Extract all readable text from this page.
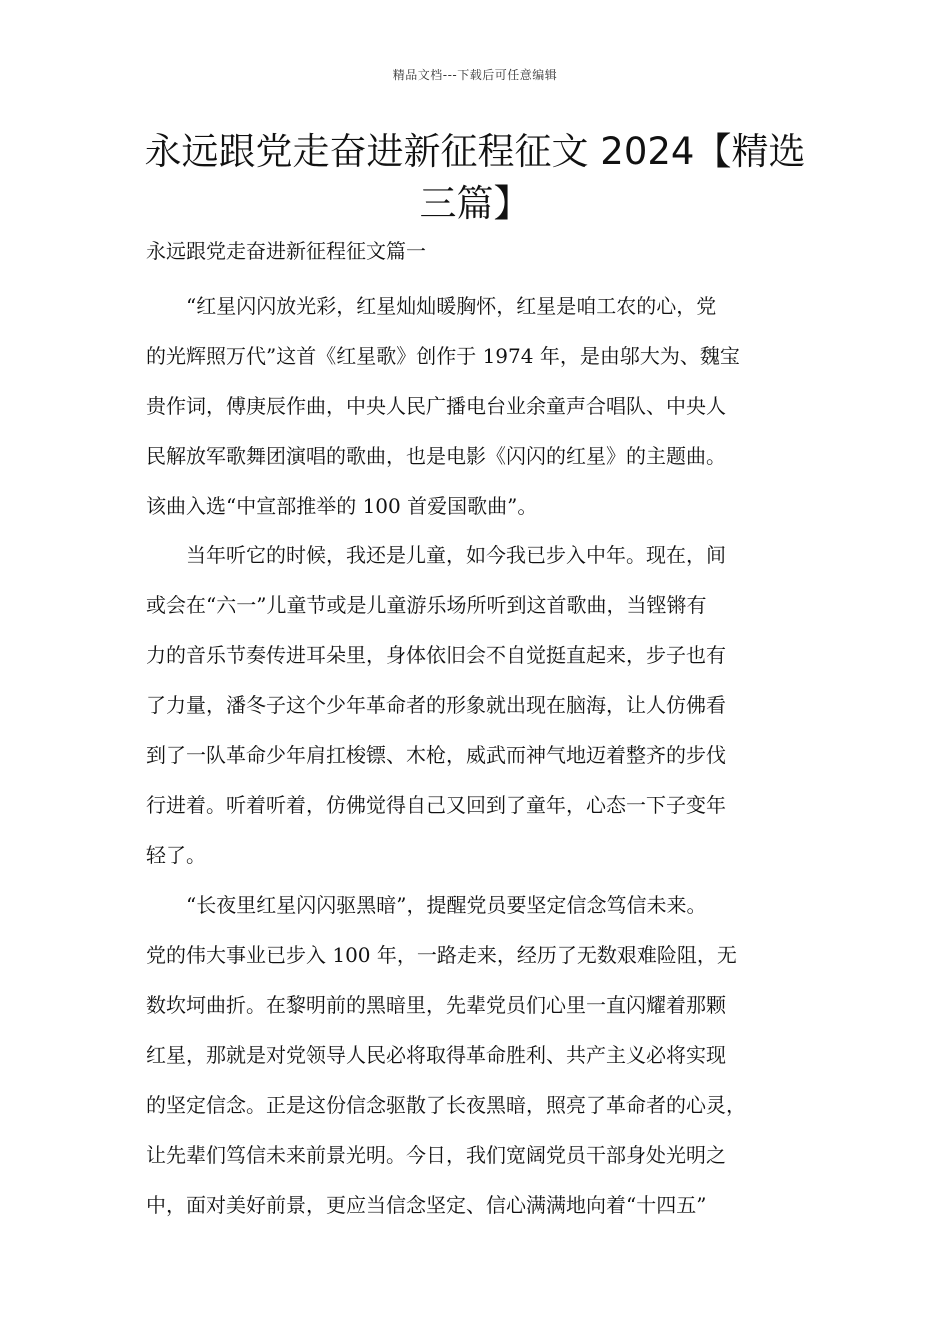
精品文档---下载后可任意编辑
永远跟党走奋进新征程征文 2024【精选
三篇】
永远跟党走奋进新征程征文篇一
“红星闪闪放光彩，红星灿灿暖胸怀，红星是咱工农的心，党
的光辉照万代”这首《红星歌》创作于 1974 年，是由邬大为、魏宝
贵作词，傅庚辰作曲，中央人民广播电台业余童声合唱队、中央人
民解放军歌舞团演唱的歌曲，也是电影《闪闪的红星》的主题曲。
该曲入选“中宣部推举的 100 首爱国歌曲”。
当年听它的时候，我还是儿童，如今我已步入中年。现在，间
或会在“六一”儿童节或是儿童游乐场所听到这首歌曲，当铿锵有
力的音乐节奏传进耳朵里，身体依旧会不自觉挺直起来，步子也有
了力量，潘冬子这个少年革命者的形象就出现在脑海，让人仿佛看
到了一队革命少年肩扛梭镖、木枪，威武而神气地迈着整齐的步伐
行进着。听着听着，仿佛觉得自己又回到了童年，心态一下子变年
轻了。
“长夜里红星闪闪驱黑暗”，提醒党员要坚定信念笃信未来。
党的伟大事业已步入 100 年，一路走来，经历了无数艰难险阻，无
数坎坷曲折。在黎明前的黑暗里，先辈党员们心里一直闪耀着那颗
红星，那就是对党领导人民必将取得革命胜利、共产主义必将实现
的坚定信念。正是这份信念驱散了长夜黑暗，照亮了革命者的心灵，
让先辈们笃信未来前景光明。今日，我们宽阔党员干部身处光明之
中，面对美好前景，更应当信念坚定、信心满满地向着“十四五”
